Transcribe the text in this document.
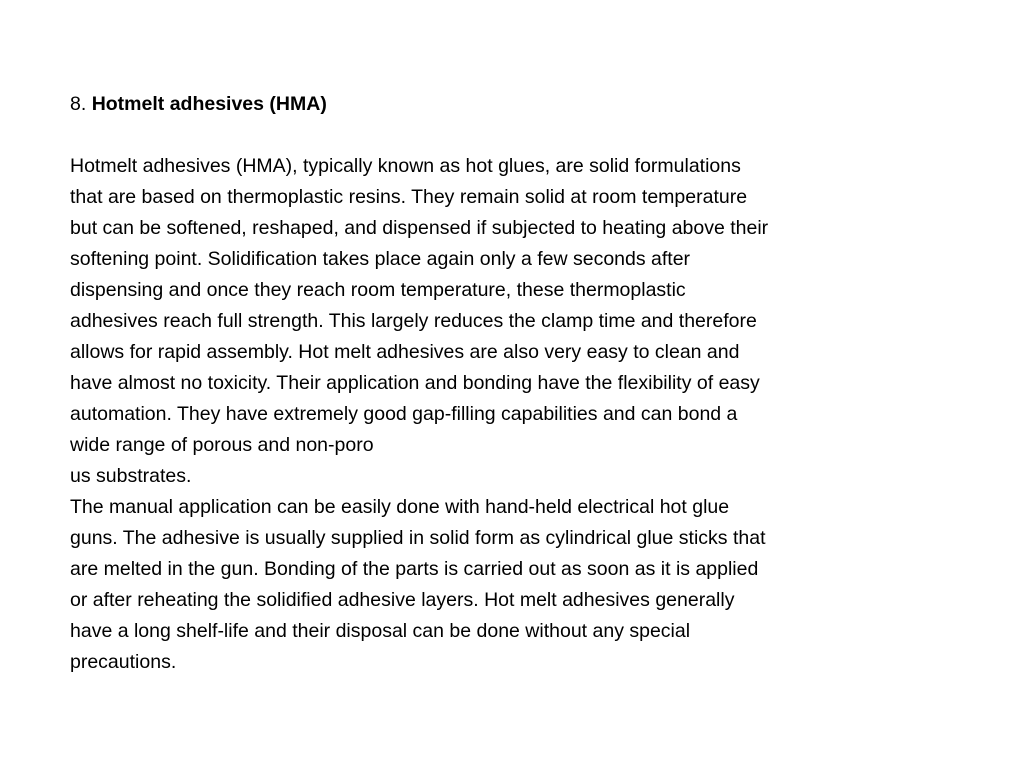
8. Hotmelt adhesives (HMA)
Hotmelt adhesives (HMA), typically known as hot glues, are solid formulations
that are based on thermoplastic resins. They remain solid at room temperature
but can be softened, reshaped, and dispensed if subjected to heating above their
softening point. Solidification takes place again only a few seconds after
dispensing and once they reach room temperature, these thermoplastic
adhesives reach full strength. This largely reduces the clamp time and therefore
allows for rapid assembly. Hot melt adhesives are also very easy to clean and
have almost no toxicity. Their application and bonding have the flexibility of easy
automation. They have extremely good gap-filling capabilities and can bond a
wide range of porous and non-poro
us substrates.
The manual application can be easily done with hand-held electrical hot glue
guns. The adhesive is usually supplied in solid form as cylindrical glue sticks that
are melted in the gun. Bonding of the parts is carried out as soon as it is applied
or after reheating the solidified adhesive layers. Hot melt adhesives generally
have a long shelf-life and their disposal can be done without any special
precautions.
